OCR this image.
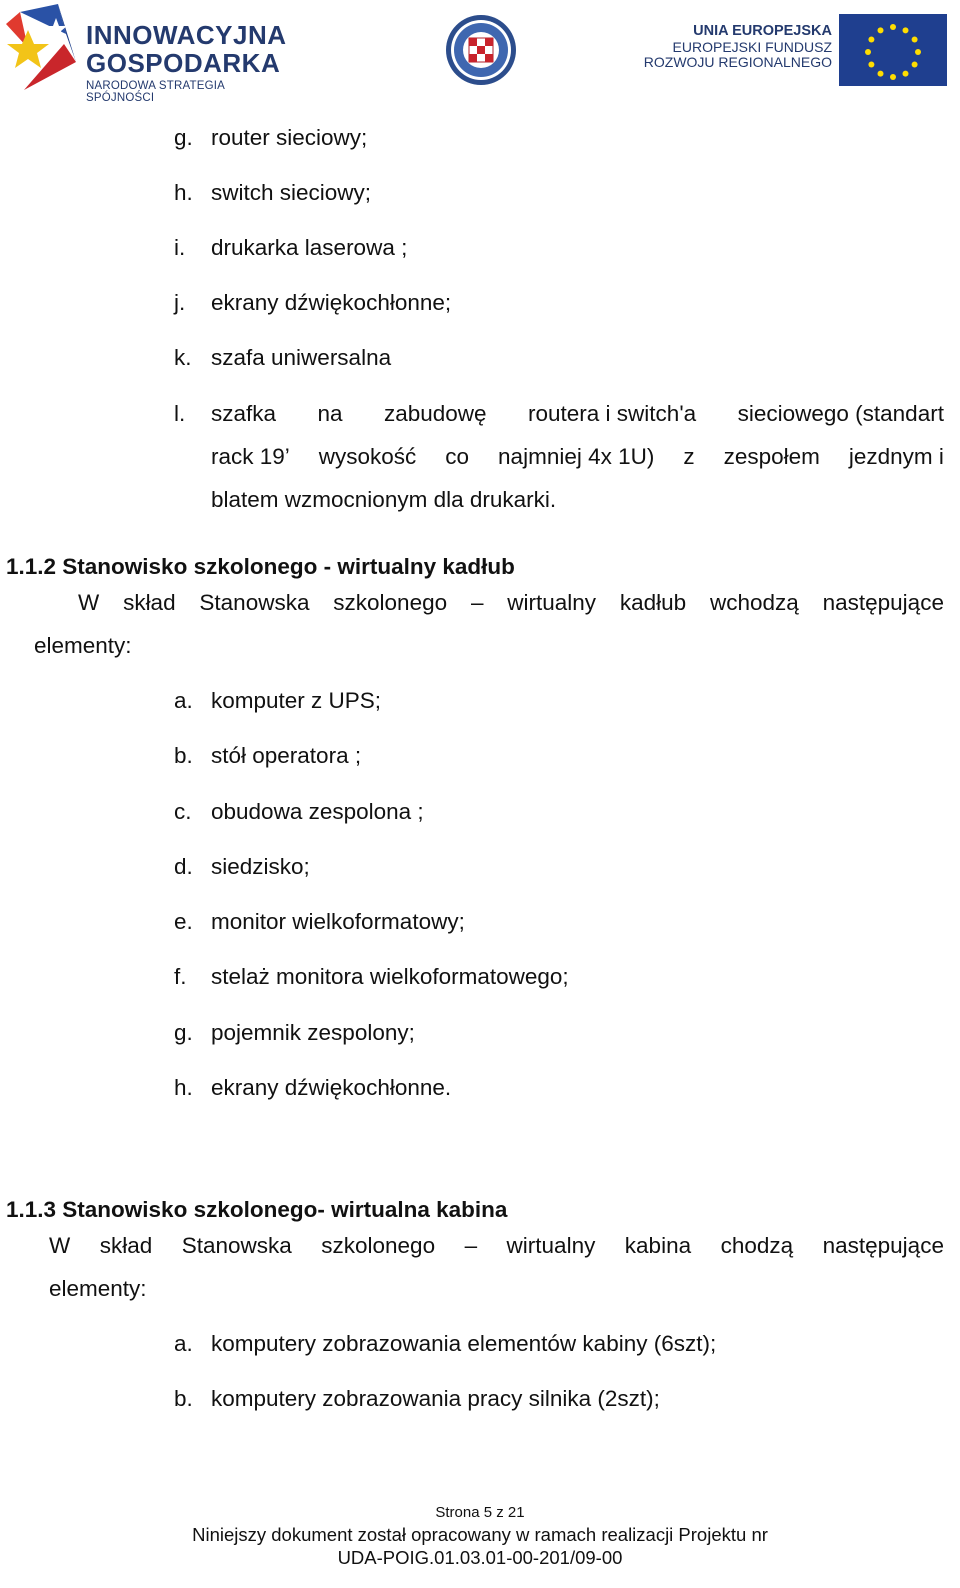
INNOWACYJNA
GOSPODARKA
NARODOWA STRATEGIA SPÓJNOŚCI
UNIA EUROPEJSKA
EUROPEJSKI FUNDUSZ
ROZWOJU REGIONALNEGO
g. router sieciowy;
h. switch sieciowy;
i. drukarka laserowa ;
j. ekrany dźwiękochłonne;
k. szafa uniwersalna
l. szafka na zabudowę routera i switch'a sieciowego (standart
rack 19’ wysokość co najmniej 4x 1U) z zespołem jezdnym i
blatem wzmocnionym dla drukarki.
1.1.2 Stanowisko szkolonego - wirtualny kadłub
W skład Stanowska szkolonego – wirtualny kadłub wchodzą następujące
elementy:
a. komputer z UPS;
b. stół operatora ;
c. obudowa zespolona ;
d. siedzisko;
e. monitor wielkoformatowy;
f. stelaż monitora wielkoformatowego;
g. pojemnik zespolony;
h. ekrany dźwiękochłonne.
1.1.3 Stanowisko szkolonego- wirtualna kabina
W skład Stanowska szkolonego – wirtualny kabina chodzą następujące
elementy:
a. komputery zobrazowania elementów kabiny (6szt);
b. komputery zobrazowania pracy silnika (2szt);
Strona 5 z 21
Niniejszy dokument został opracowany w ramach realizacji Projektu nr
UDA-POIG.01.03.01-00-201/09-00
